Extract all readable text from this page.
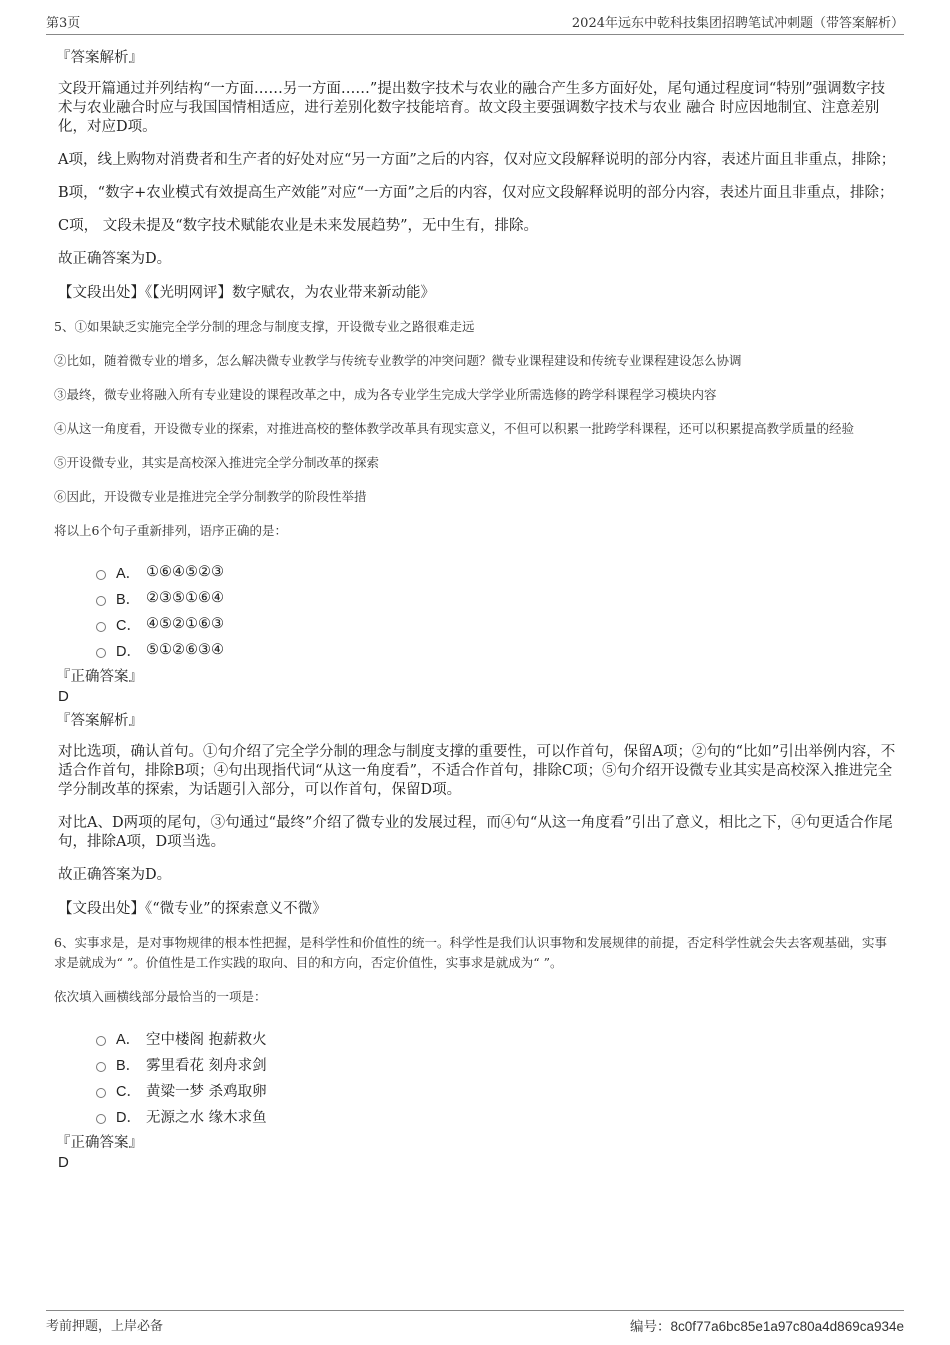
第3页	2024年远东中乾科技集团招聘笔试冲刺题（带答案解析）
『答案解析』

文段开篇通过并列结构“一方面……另一方面……”提出数字技术与农业的融合产生多方面好处，尾句通过程度词“特别”强调数字技术与农业融合时应与我国国情相适应，进行差别化数字技能培育。故文段主要强调数字技术与农业 融合 时应因地制宜、注意差别化，对应D项。

A项，线上购物对消费者和生产者的好处对应“另一方面”之后的内容，仅对应文段解释说明的部分内容，表述片面且非重点，排除；

B项，“数字+农业模式有效提高生产效能”对应“一方面”之后的内容，仅对应文段解释说明的部分内容，表述片面且非重点，排除；

C项， 文段未提及“数字技术赋能农业是未来发展趋势”，无中生有，排除。

故正确答案为D。

【文段出处】《【光明网评】数字赋农，为农业带来新动能》

5、①如果缺乏实施完全学分制的理念与制度支撑，开设微专业之路很难走远

②比如，随着微专业的增多，怎么解决微专业教学与传统专业教学的冲突问题？微专业课程建设和传统专业课程建设怎么协调

③最终，微专业将融入所有专业建设的课程改革之中，成为各专业学生完成大学学业所需选修的跨学科课程学习模块内容

④从这一角度看，开设微专业的探索，对推进高校的整体教学改革具有现实意义，不但可以积累一批跨学科课程，还可以积累提高教学质量的经验

⑤开设微专业，其实是高校深入推进完全学分制改革的探索

⑥因此，开设微专业是推进完全学分制教学的阶段性举措

将以上6个句子重新排列，语序正确的是：

A． ①⑥④⑤②③
B． ②③⑤①⑥④
C． ④⑤②①⑥③
D． ⑤①②⑥③④
『正确答案』
D
『答案解析』

对比选项，确认首句。①句介绍了完全学分制的理念与制度支撑的重要性，可以作首句，保留A项；②句的“比如”引出举例内容，不适合作首句，排除B项；④句出现指代词“从这一角度看”，不适合作首句，排除C项；⑤句介绍开设微专业其实是高校深入推进完全学分制改革的探索，为话题引入部分，可以作首句，保留D项。

对比A、D两项的尾句，③句通过“最终”介绍了微专业的发展过程，而④句“从这一角度看”引出了意义，相比之下，④句更适合作尾句，排除A项，D项当选。

故正确答案为D。

【文段出处】《“微专业”的探索意义不微》

6、实事求是，是对事物规律的根本性把握，是科学性和价值性的统一。科学性是我们认识事物和发展规律的前提，否定科学性就会失去客观基础，实事求是就成为“ ”。价值性是工作实践的取向、目的和方向，否定价值性，实事求是就成为“ ”。

依次填入画横线部分最恰当的一项是：

A． 空中楼阁 抱薪救火
B． 雾里看花 刻舟求剑
C． 黄粱一梦 杀鸡取卵
D． 无源之水 缘木求鱼
『正确答案』
D
考前押题，上岸必备	编号：8c0f77a6bc85e1a97c80a4d869ca934e
